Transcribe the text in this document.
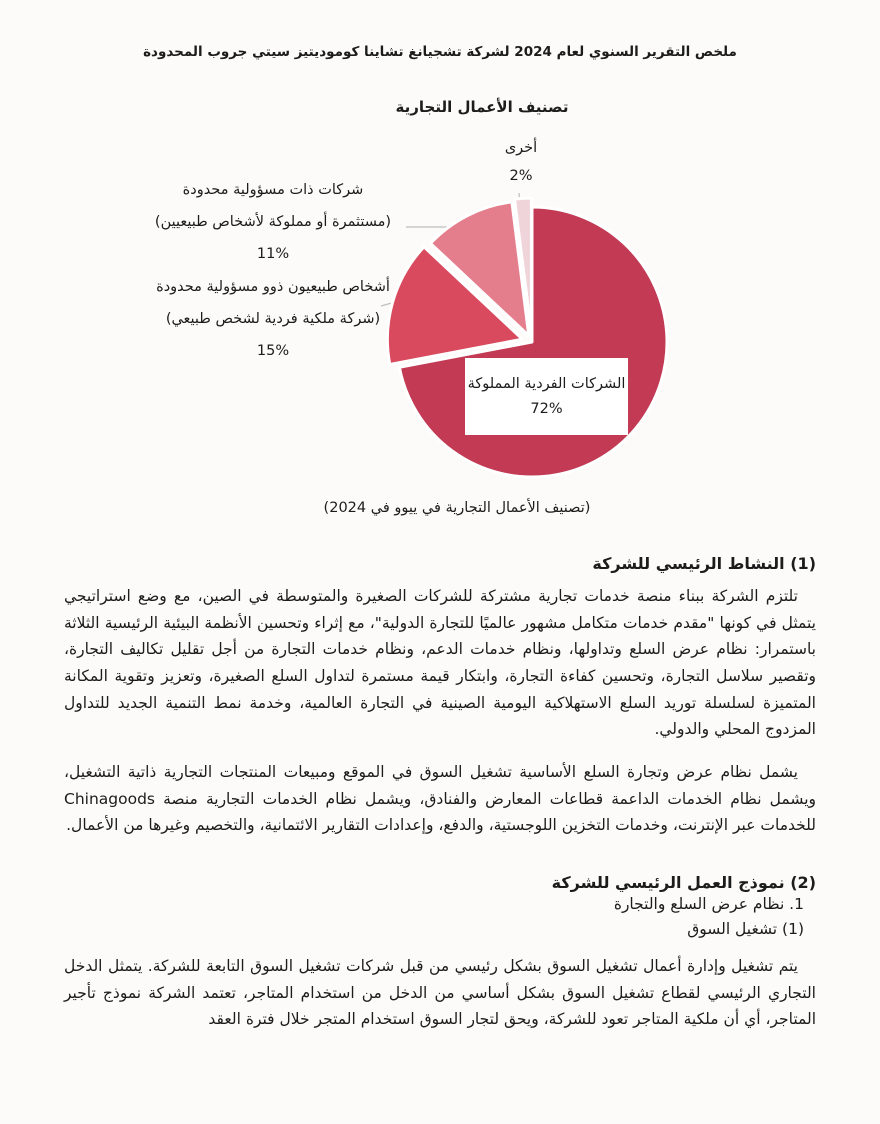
ملخص التقرير السنوي لعام 2024 لشركة تشجيانغ تشاينا كوموديتيز سيتي جروب المحدودة
تصنيف الأعمال التجارية
أخرى
2%
شركات ذات مسؤولية محدودة
(مستثمرة أو مملوكة لأشخاص طبيعيين)
11%
أشخاص طبيعيون ذوو مسؤولية محدودة
(شركة ملكية فردية لشخص طبيعي)
15%
الشركات الفردية المملوكة
72%
(تصنيف الأعمال التجارية في ييوو في 2024)
(1) النشاط الرئيسي للشركة

تلتزم الشركة ببناء منصة خدمات تجارية مشتركة للشركات الصغيرة والمتوسطة في الصين، مع وضع استراتيجي يتمثل في كونها "مقدم خدمات متكامل مشهور عالميًا للتجارة الدولية"، مع إثراء وتحسين الأنظمة البيئية الرئيسية الثلاثة باستمرار: نظام عرض السلع وتداولها، ونظام خدمات الدعم، ونظام خدمات التجارة من أجل تقليل تكاليف التجارة، وتقصير سلاسل التجارة، وتحسين كفاءة التجارة، وابتكار قيمة مستمرة لتداول السلع الصغيرة، وتعزيز وتقوية المكانة المتميزة لسلسلة توريد السلع الاستهلاكية اليومية الصينية في التجارة العالمية، وخدمة نمط التنمية الجديد للتداول المزدوج المحلي والدولي.

يشمل نظام عرض وتجارة السلع الأساسية تشغيل السوق في الموقع ومبيعات المنتجات التجارية ذاتية التشغيل، ويشمل نظام الخدمات الداعمة قطاعات المعارض والفنادق، ويشمل نظام الخدمات التجارية منصة Chinagoods للخدمات عبر الإنترنت، وخدمات التخزين اللوجستية، والدفع، وإعدادات التقارير الائتمانية، والتخصيم وغيرها من الأعمال.

(2) نموذج العمل الرئيسي للشركة
1. نظام عرض السلع والتجارة
(1) تشغيل السوق

يتم تشغيل وإدارة أعمال تشغيل السوق بشكل رئيسي من قبل شركات تشغيل السوق التابعة للشركة. يتمثل الدخل التجاري الرئيسي لقطاع تشغيل السوق بشكل أساسي من الدخل من استخدام المتاجر، تعتمد الشركة نموذج تأجير المتاجر، أي أن ملكية المتاجر تعود للشركة، ويحق لتجار السوق استخدام المتجر خلال فترة العقد
